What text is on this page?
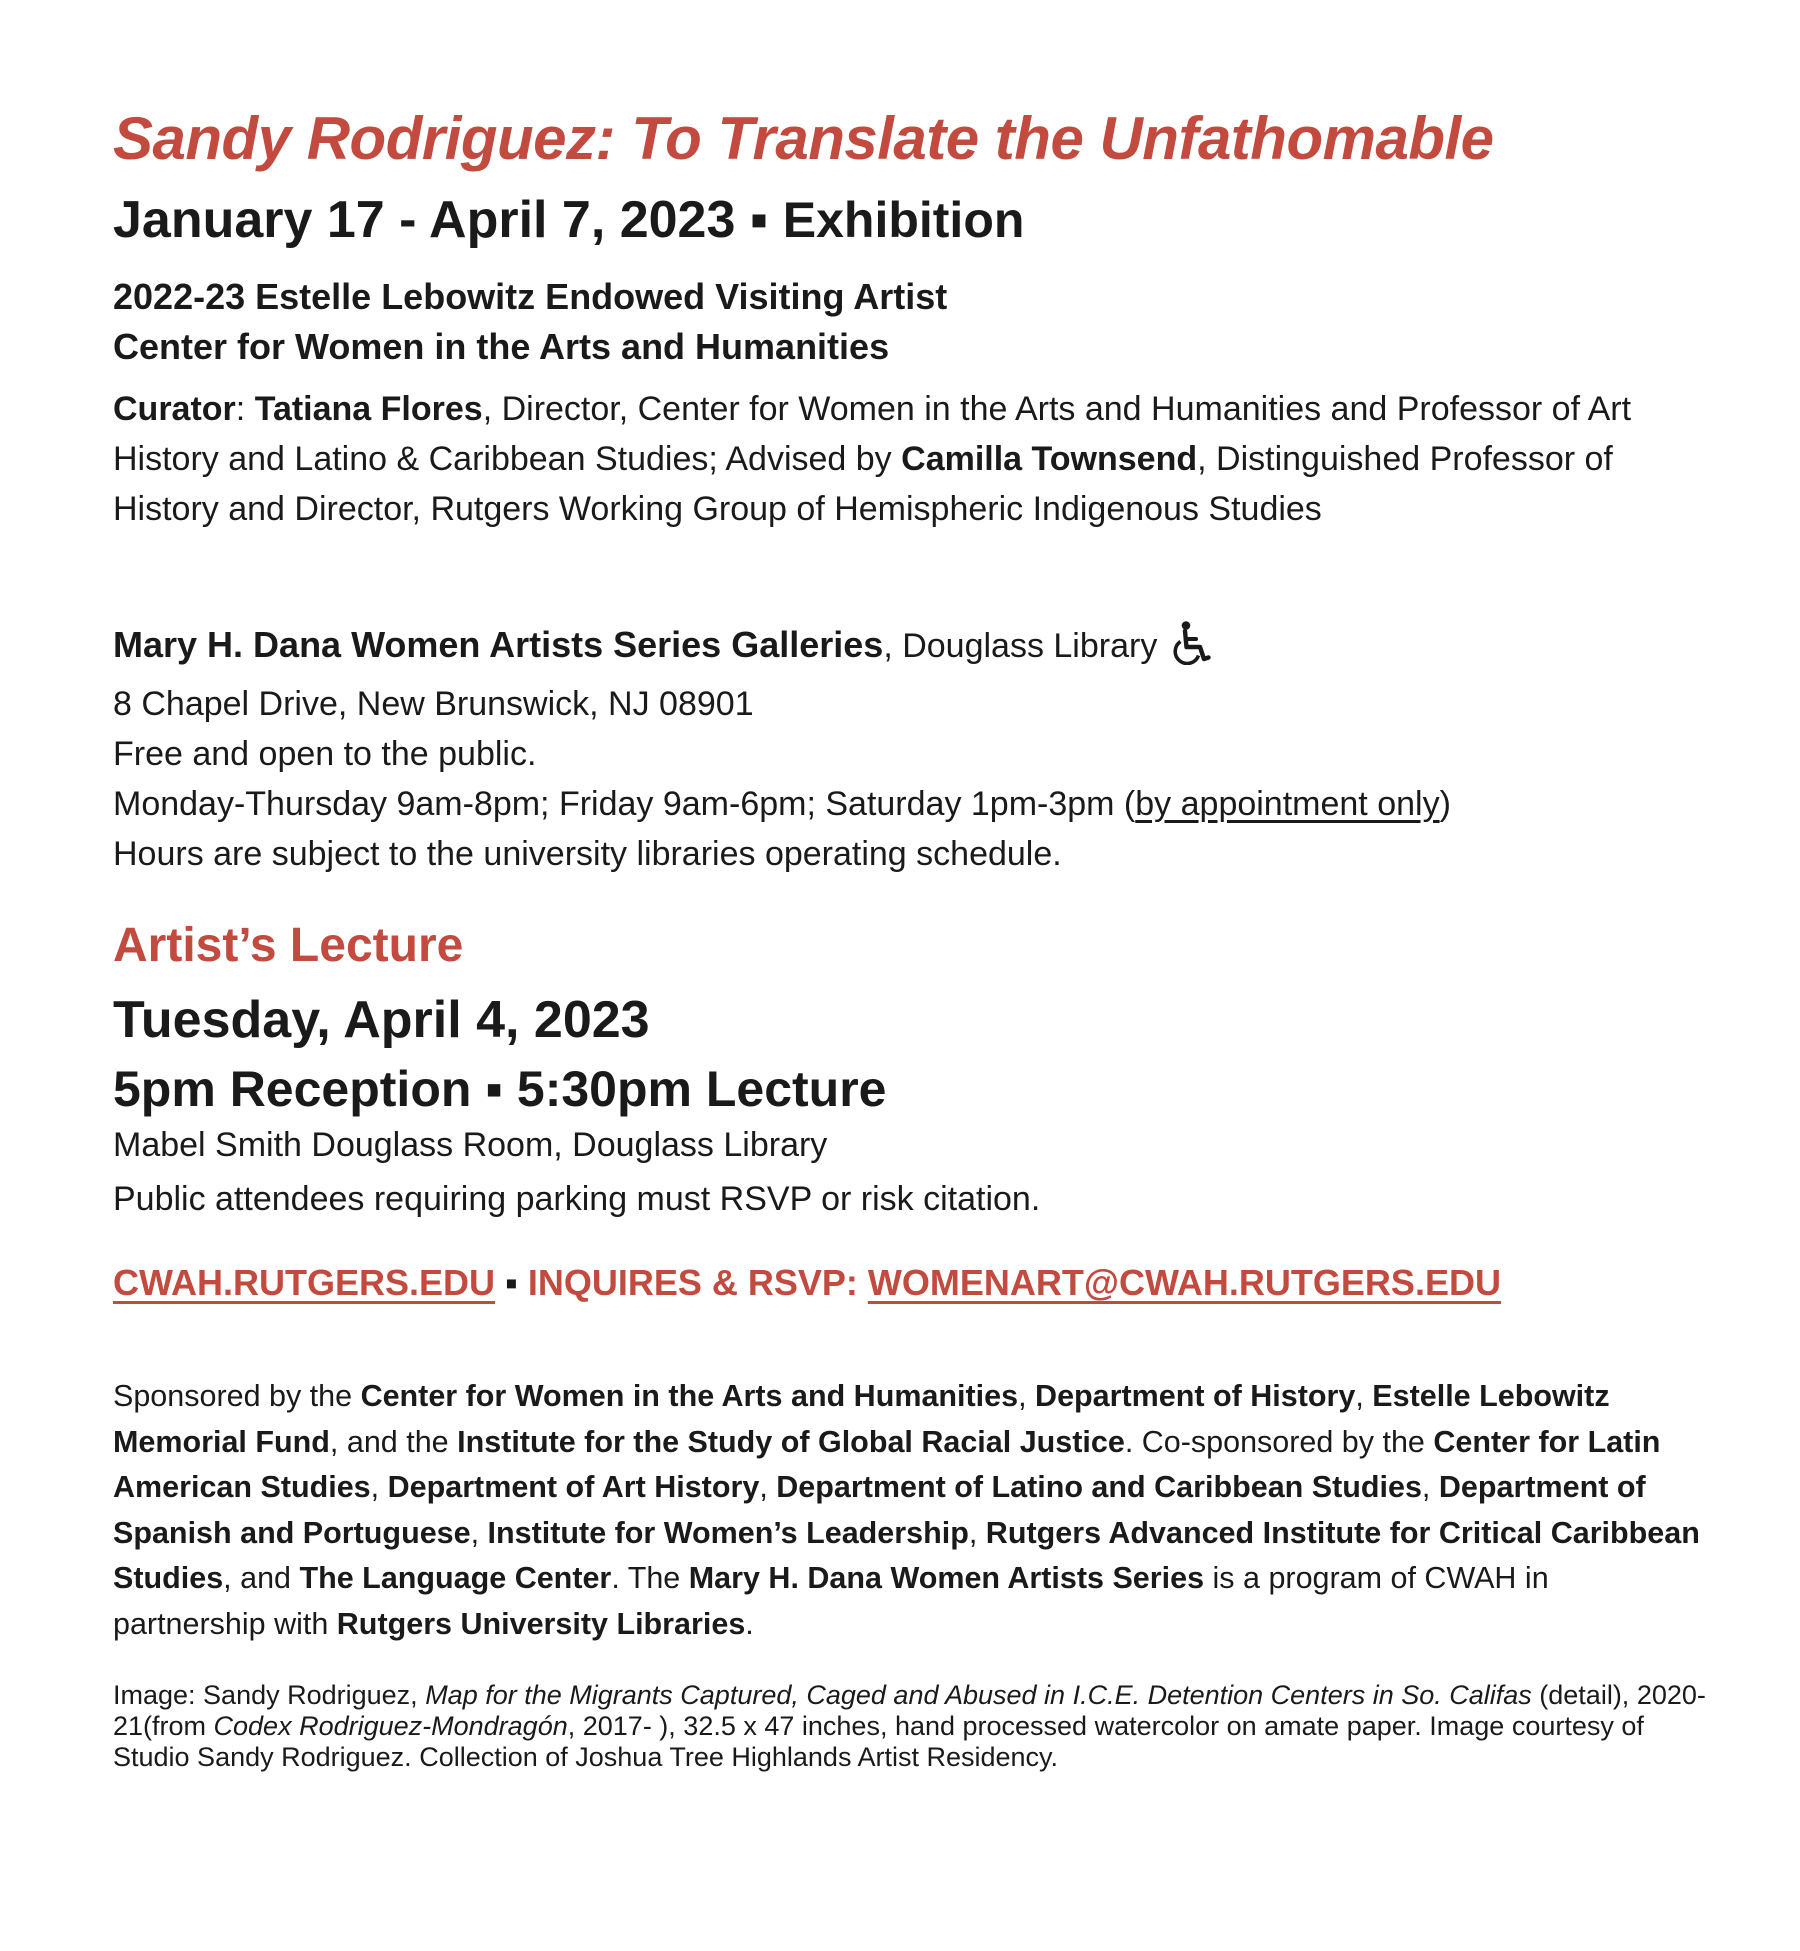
Sandy Rodriguez: To Translate the Unfathomable
January 17 - April 7, 2023 ▪ Exhibition
2022-23 Estelle Lebowitz Endowed Visiting Artist
Center for Women in the Arts and Humanities

Curator: Tatiana Flores, Director, Center for Women in the Arts and Humanities and Professor of Art History and Latino & Caribbean Studies; Advised by Camilla Townsend, Distinguished Professor of History and Director, Rutgers Working Group of Hemispheric Indigenous Studies

Mary H. Dana Women Artists Series Galleries, Douglass Library
8 Chapel Drive, New Brunswick, NJ 08901
Free and open to the public.
Monday-Thursday 9am-8pm; Friday 9am-6pm; Saturday 1pm-3pm (by appointment only)
Hours are subject to the university libraries operating schedule.
Artist’s Lecture
Tuesday, April 4, 2023
5pm Reception ▪ 5:30pm Lecture
Mabel Smith Douglass Room, Douglass Library
Public attendees requiring parking must RSVP or risk citation.
CWAH.RUTGERS.EDU ▪ INQUIRES & RSVP: WOMENART@CWAH.RUTGERS.EDU

Sponsored by the Center for Women in the Arts and Humanities, Department of History, Estelle Lebowitz Memorial Fund, and the Institute for the Study of Global Racial Justice. Co-sponsored by the Center for Latin American Studies, Department of Art History, Department of Latino and Caribbean Studies, Department of Spanish and Portuguese, Institute for Women’s Leadership, Rutgers Advanced Institute for Critical Caribbean Studies, and The Language Center. The Mary H. Dana Women Artists Series is a program of CWAH in partnership with Rutgers University Libraries.

Image: Sandy Rodriguez, Map for the Migrants Captured, Caged and Abused in I.C.E. Detention Centers in So. Califas (detail), 2020-21(from Codex Rodriguez-Mondragón, 2017- ), 32.5 x 47 inches, hand processed watercolor on amate paper. Image courtesy of Studio Sandy Rodriguez. Collection of Joshua Tree Highlands Artist Residency.
